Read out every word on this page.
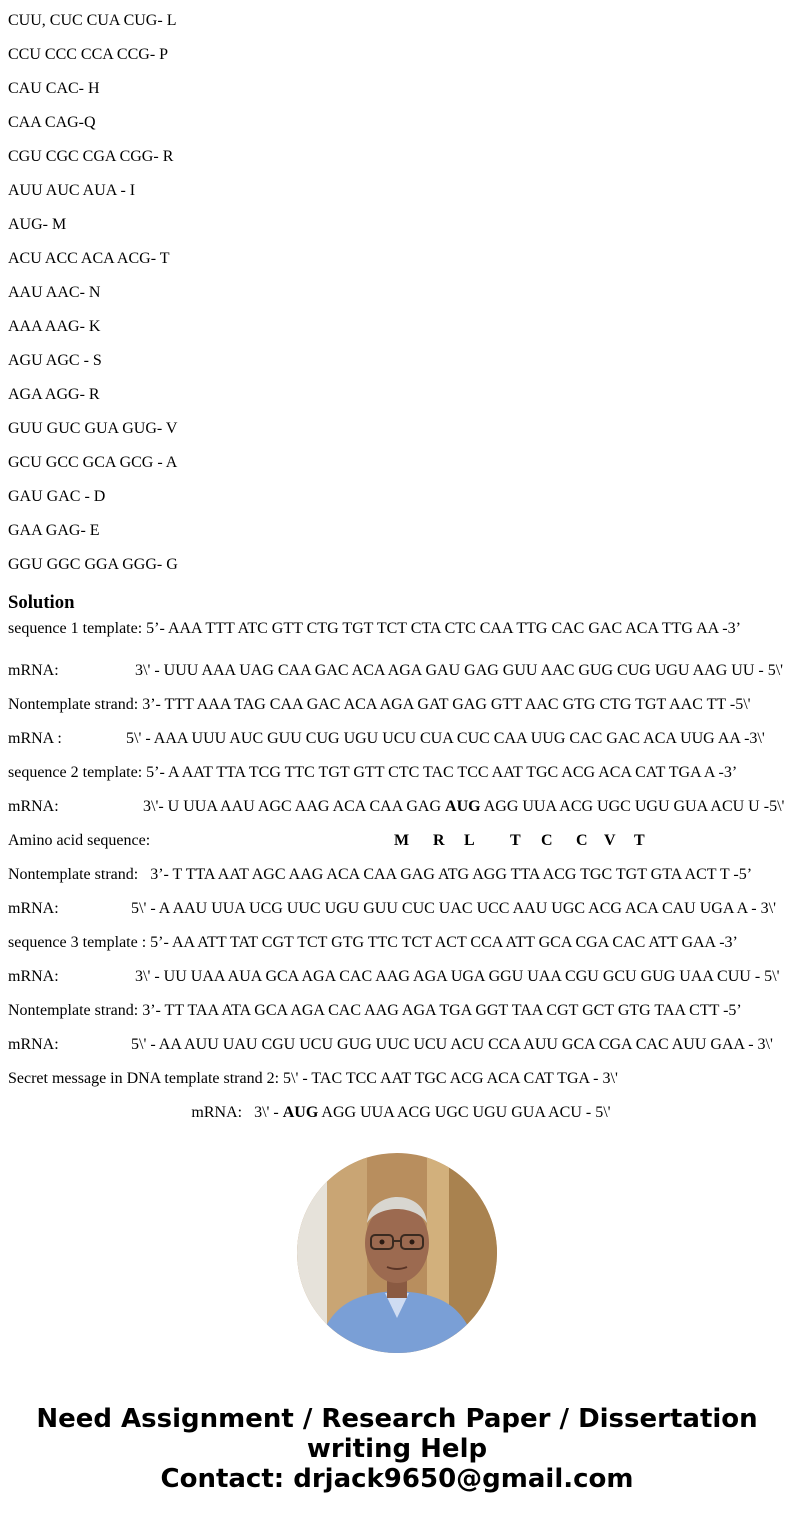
CUU, CUC CUA CUG- L

CCU CCC CCA CCG- P

CAU CAC- H

CAA CAG-Q

CGU CGC CGA CGG- R

AUU AUC AUA - I

AUG- M

ACU ACC ACA ACG- T

AAU AAC- N

AAA AAG- K

AGU AGC - S

AGA AGG- R

GUU GUC GUA GUG- V

GCU GCC GCA GCG - A

GAU GAC - D

GAA GAG- E

GGU GGC GGA GGG- G

Solution

sequence 1 template: 5’- AAA TTT ATC GTT CTG TGT TCT CTA CTC CAA TTG CAC GAC ACA TTG AA -3’

mRNA:	3\' - UUU AAA UAG CAA GAC ACA AGA GAU GAG GUU AAC GUG CUG UGU AAG UU - 5\'

Nontemplate strand: 3’- TTT AAA TAG CAA GAC ACA AGA GAT GAG GTT AAC GTG CTG TGT AAC TT -5\'

mRNA :	5\' - AAA UUU AUC GUU CUG UGU UCU CUA CUC CAA UUG CAC GAC ACA UUG AA -3\'

sequence 2 template: 5’- A AAT TTA TCG TTC TGT GTT CTC TAC TCC AAT TGC ACG ACA CAT TGA A -3’

mRNA:	3\'- U UUA AAU AGC AAG ACA CAA GAG AUG AGG UUA ACG UGC UGU GUA ACU U -5\'

Amino acid sequence:	M R L T C C V T

Nontemplate strand:   3’- T TTA AAT AGC AAG ACA CAA GAG ATG AGG TTA ACG TGC TGT GTA ACT T -5’

mRNA:	5\' - A AAU UUA UCG UUC UGU GUU CUC UAC UCC AAU UGC ACG ACA CAU UGA A - 3\'

sequence 3 template : 5’- AA ATT TAT CGT TCT GTG TTC TCT ACT CCA ATT GCA CGA CAC ATT GAA -3’

mRNA:	3\' - UU UAA AUA GCA AGA CAC AAG AGA UGA GGU UAA CGU GCU GUG UAA CUU - 5\'

Nontemplate strand: 3’- TT TAA ATA GCA AGA CAC AAG AGA TGA GGT TAA CGT GCT GTG TAA CTT -5’

mRNA:	5\' - AA AUU UAU CGU UCU GUG UUC UCU ACU CCA AUU GCA CGA CAC AUU GAA - 3\'

Secret message in DNA template strand 2: 5\' - TAC TCC AAT TGC ACG ACA CAT TGA - 3\'

mRNA:   3\' - AUG AGG UUA ACG UGC UGU GUA ACU - 5\'

Need Assignment / Research Paper / Dissertation
writing Help
Contact: drjack9650@gmail.com
